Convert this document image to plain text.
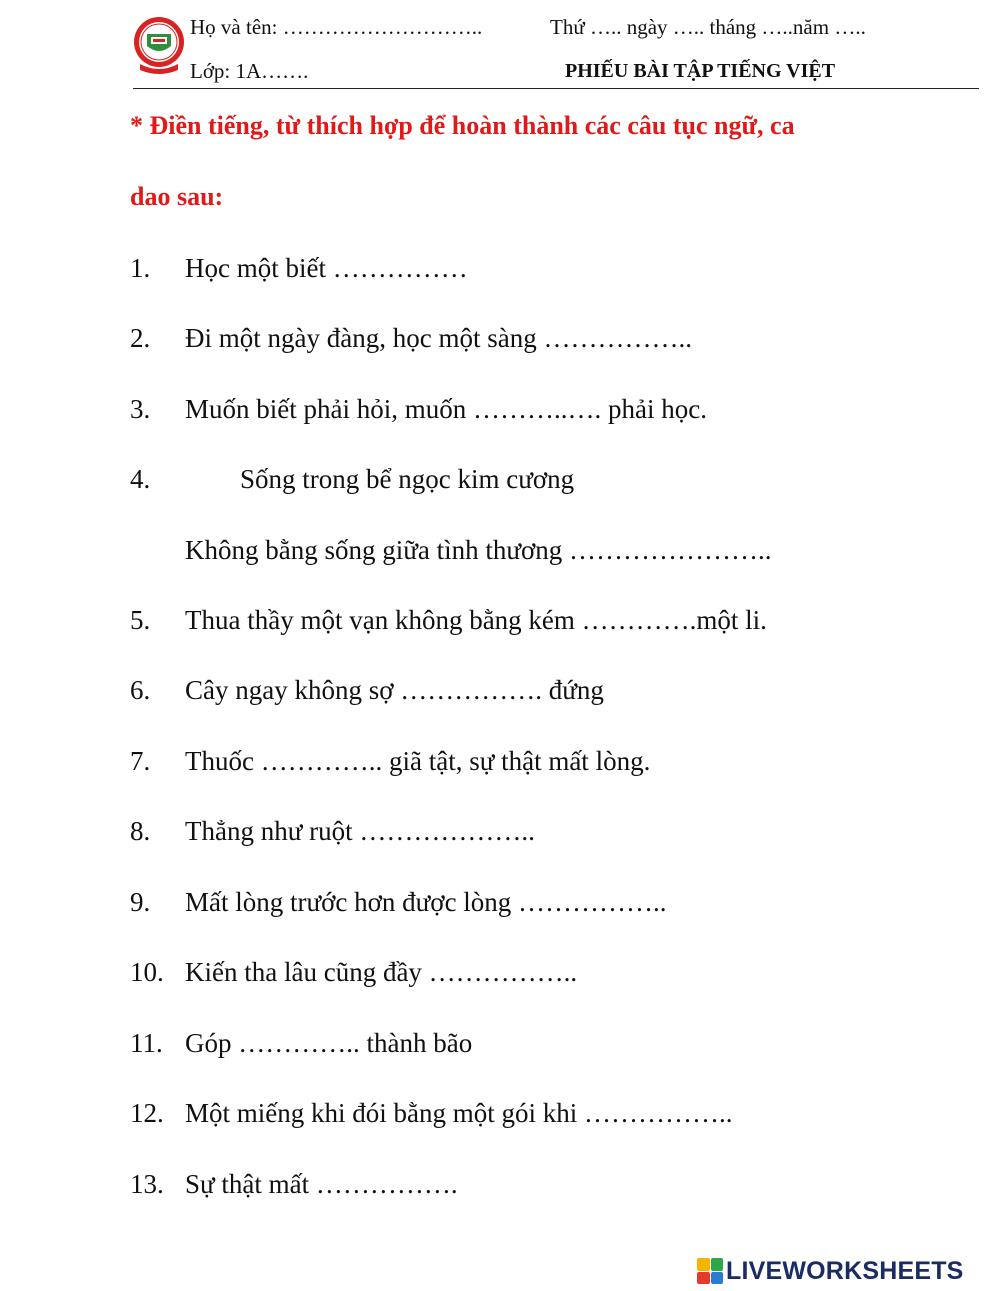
Họ và tên: ………………………..	Thứ ….. ngày ….. tháng …..năm …..
Lớp: 1A…….	PHIẾU BÀI TẬP TIẾNG VIỆT
* Điền tiếng, từ thích hợp để hoàn thành các câu tục ngữ, ca
dao sau:
1. Học một biết ……………
2. Đi một ngày đàng, học một sàng ……………..
3. Muốn biết phải hỏi, muốn ………..…. phải học.
4.	Sống trong bể ngọc kim cương
Không bằng sống giữa tình thương …………………..
5. Thua thầy một vạn không bằng kém ………….một li.
6. Cây ngay không sợ ……………. đứng
7. Thuốc ………….. giã tật, sự thật mất lòng.
8. Thẳng như ruột ………………..
9. Mất lòng trước hơn được lòng ……………..
10. Kiến tha lâu cũng đầy ……………..
11. Góp ………….. thành bão
12. Một miếng khi đói bằng một gói khi ……………..
13. Sự thật mất …………….
LIVEWORKSHEETS
